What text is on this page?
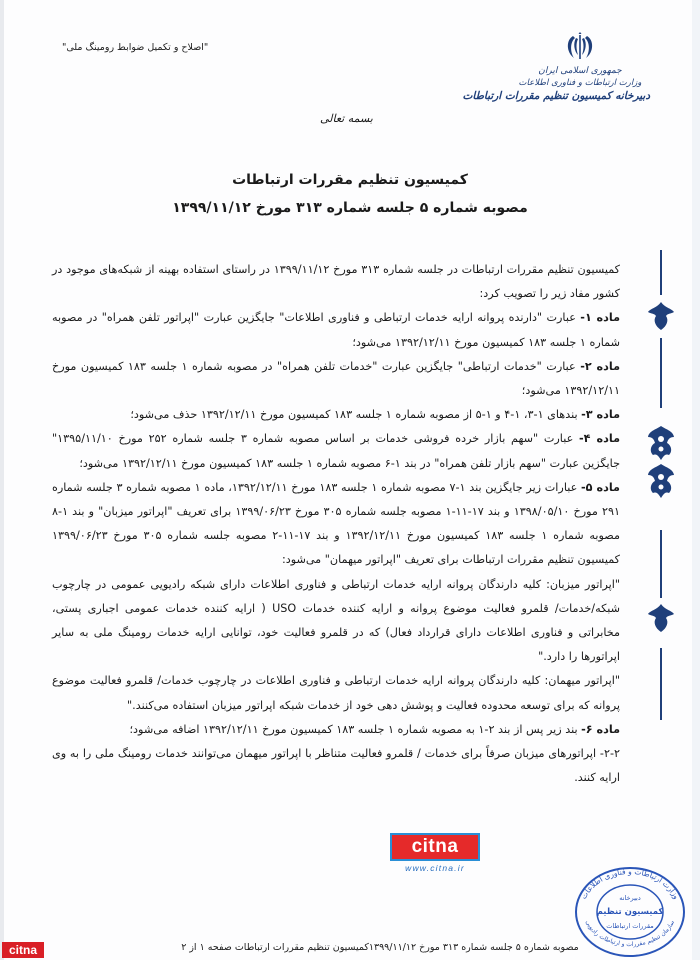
"اصلاح و تکمیل ضوابط رومینگ ملی"
جمهوری اسلامی ایران
وزارت ارتباطات و فناوری اطلاعات
دبیرخانه کمیسیون تنظیم مقررات ارتباطات
بسمه تعالی
کمیسیون تنظیم مقررات ارتباطات
مصوبه شماره ۵ جلسه شماره ۳۱۳ مورخ ۱۳۹۹/۱۱/۱۲

کمیسیون تنظیم مقررات ارتباطات در جلسه شماره ۳۱۳ مورخ ۱۳۹۹/۱۱/۱۲ در راستای استفاده بهینه از شبکه‌های موجود در کشور مفاد زیر را تصویب کرد:

ماده ۱- عبارت "دارنده پروانه ارایه خدمات ارتباطی و فناوری اطلاعات" جایگزین عبارت "اپراتور تلفن همراه" در مصوبه شماره ۱ جلسه ۱۸۳ کمیسیون مورخ ۱۳۹۲/۱۲/۱۱ می‌شود؛

ماده ۲- عبارت "خدمات ارتباطی" جایگزین عبارت "خدمات تلفن همراه" در مصوبه شماره ۱ جلسه ۱۸۳ کمیسیون مورخ ۱۳۹۲/۱۲/۱۱ می‌شود؛

ماده ۳- بندهای ۱-۳، ۱-۴ و ۱-۵ از مصوبه شماره ۱ جلسه ۱۸۳ کمیسیون مورخ ۱۳۹۲/۱۲/۱۱ حذف می‌شود؛

ماده ۴- عبارت "سهم بازار خرده فروشی خدمات بر اساس مصوبه شماره ۳ جلسه شماره ۲۵۲ مورخ ۱۳۹۵/۱۱/۱۰" جایگزین عبارت "سهم بازار تلفن همراه" در بند ۱-۶ مصوبه شماره ۱ جلسه ۱۸۳ کمیسیون مورخ ۱۳۹۲/۱۲/۱۱ می‌شود؛

ماده ۵- عبارات زیر جایگزین بند ۱-۷ مصوبه شماره ۱ جلسه ۱۸۳ مورخ ۱۳۹۲/۱۲/۱۱، ماده ۱ مصوبه شماره ۳ جلسه شماره ۲۹۱ مورخ ۱۳۹۸/۰۵/۱۰ و بند ۱۷-۱۱-۱ مصوبه جلسه شماره ۳۰۵ مورخ ۱۳۹۹/۰۶/۲۳ برای تعریف "اپراتور میزبان" و بند ۱-۸ مصوبه شماره ۱ جلسه ۱۸۳ کمیسیون مورخ ۱۳۹۲/۱۲/۱۱ و بند ۱۷-۱۱-۲ مصوبه جلسه شماره ۳۰۵ مورخ ۱۳۹۹/۰۶/۲۳ کمیسیون تنظیم مقررات ارتباطات برای تعریف "اپراتور میهمان" می‌شود:

"اپراتور میزبان: کلیه دارندگان پروانه ارایه خدمات ارتباطی و فناوری اطلاعات دارای شبکه رادیویی عمومی در چارچوب شبکه/خدمات/ قلمرو فعالیت موضوع پروانه و ارایه کننده خدمات USO ( ارایه کننده خدمات عمومی اجباری پستی، مخابراتی و فناوری اطلاعات دارای قرارداد فعال) که در قلمرو فعالیت خود، توانایی ارایه خدمات رومینگ ملی به سایر اپراتورها را دارد."

"اپراتور میهمان: کلیه دارندگان پروانه ارایه خدمات ارتباطی و فناوری اطلاعات در چارچوب خدمات/ قلمرو فعالیت موضوع پروانه که برای توسعه محدوده فعالیت و پوشش دهی خود از خدمات شبکه اپراتور میزبان استفاده می‌کنند."

ماده ۶- بند زیر پس از بند ۲-۱ به مصوبه شماره ۱ جلسه ۱۸۳ کمیسیون مورخ ۱۳۹۲/۱۲/۱۱ اضافه می‌شود؛

۲-۲- اپراتورهای میزبان صرفاً برای خدمات / قلمرو فعالیت متناظر با اپراتور میهمان می‌توانند خدمات رومینگ ملی را به وی ارایه کنند.

citna
www.citna.ir
وزارت ارتباطات و فناوری اطلاعات
سازمان تنظیم مقررات و ارتباطات رادیویی
دبیرخانه
کمیسیون تنظیم
مقررات ارتباطات
مصوبه شماره ۵ جلسه شماره ۳۱۳ مورخ ۱۳۹۹/۱۱/۱۲کمیسیون تنظیم مقررات ارتباطات صفحه ۱ از ۲
citna
